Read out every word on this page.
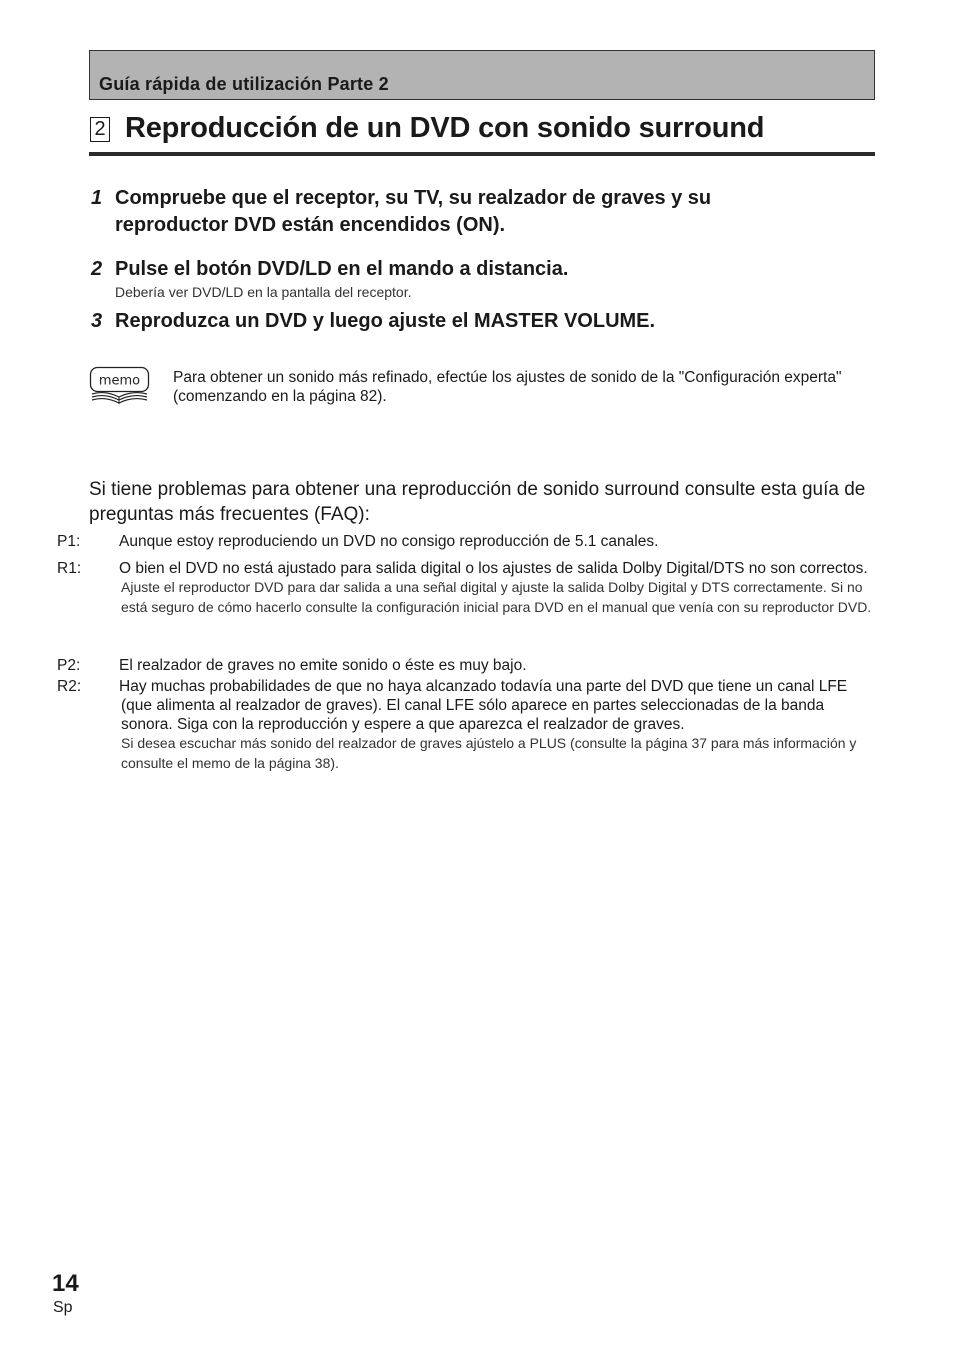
Guía rápida de utilización Parte 2
2 Reproducción de un DVD con sonido surround
1 Compruebe que el receptor, su TV, su realzador de graves y su
reproductor DVD están encendidos (ON).
2 Pulse el botón DVD/LD en el mando a distancia.
Debería ver DVD/LD en la pantalla del receptor.
3 Reproduzca un DVD y luego ajuste el MASTER VOLUME.
memo Para obtener un sonido más refinado, efectúe los ajustes de sonido de la "Configuración experta" (comenzando en la página 82).
Si tiene problemas para obtener una reproducción de sonido surround consulte esta guía de preguntas más frecuentes (FAQ):
P1: Aunque estoy reproduciendo un DVD no consigo reproducción de 5.1 canales.
R1: O bien el DVD no está ajustado para salida digital o los ajustes de salida Dolby Digital/DTS no son correctos.
Ajuste el reproductor DVD para dar salida a una señal digital y ajuste la salida Dolby Digital y DTS correctamente. Si no está seguro de cómo hacerlo consulte la configuración inicial para DVD en el manual que venía con su reproductor DVD.
P2: El realzador de graves no emite sonido o éste es muy bajo.
R2: Hay muchas probabilidades de que no haya alcanzado todavía una parte del DVD que tiene un canal LFE (que alimenta al realzador de graves). El canal LFE sólo aparece en partes seleccionadas de la banda sonora. Siga con la reproducción y espere a que aparezca el realzador de graves.
Si desea escuchar más sonido del realzador de graves ajústelo a PLUS (consulte la página 37 para más información y consulte el memo de la página 38).
14
Sp
